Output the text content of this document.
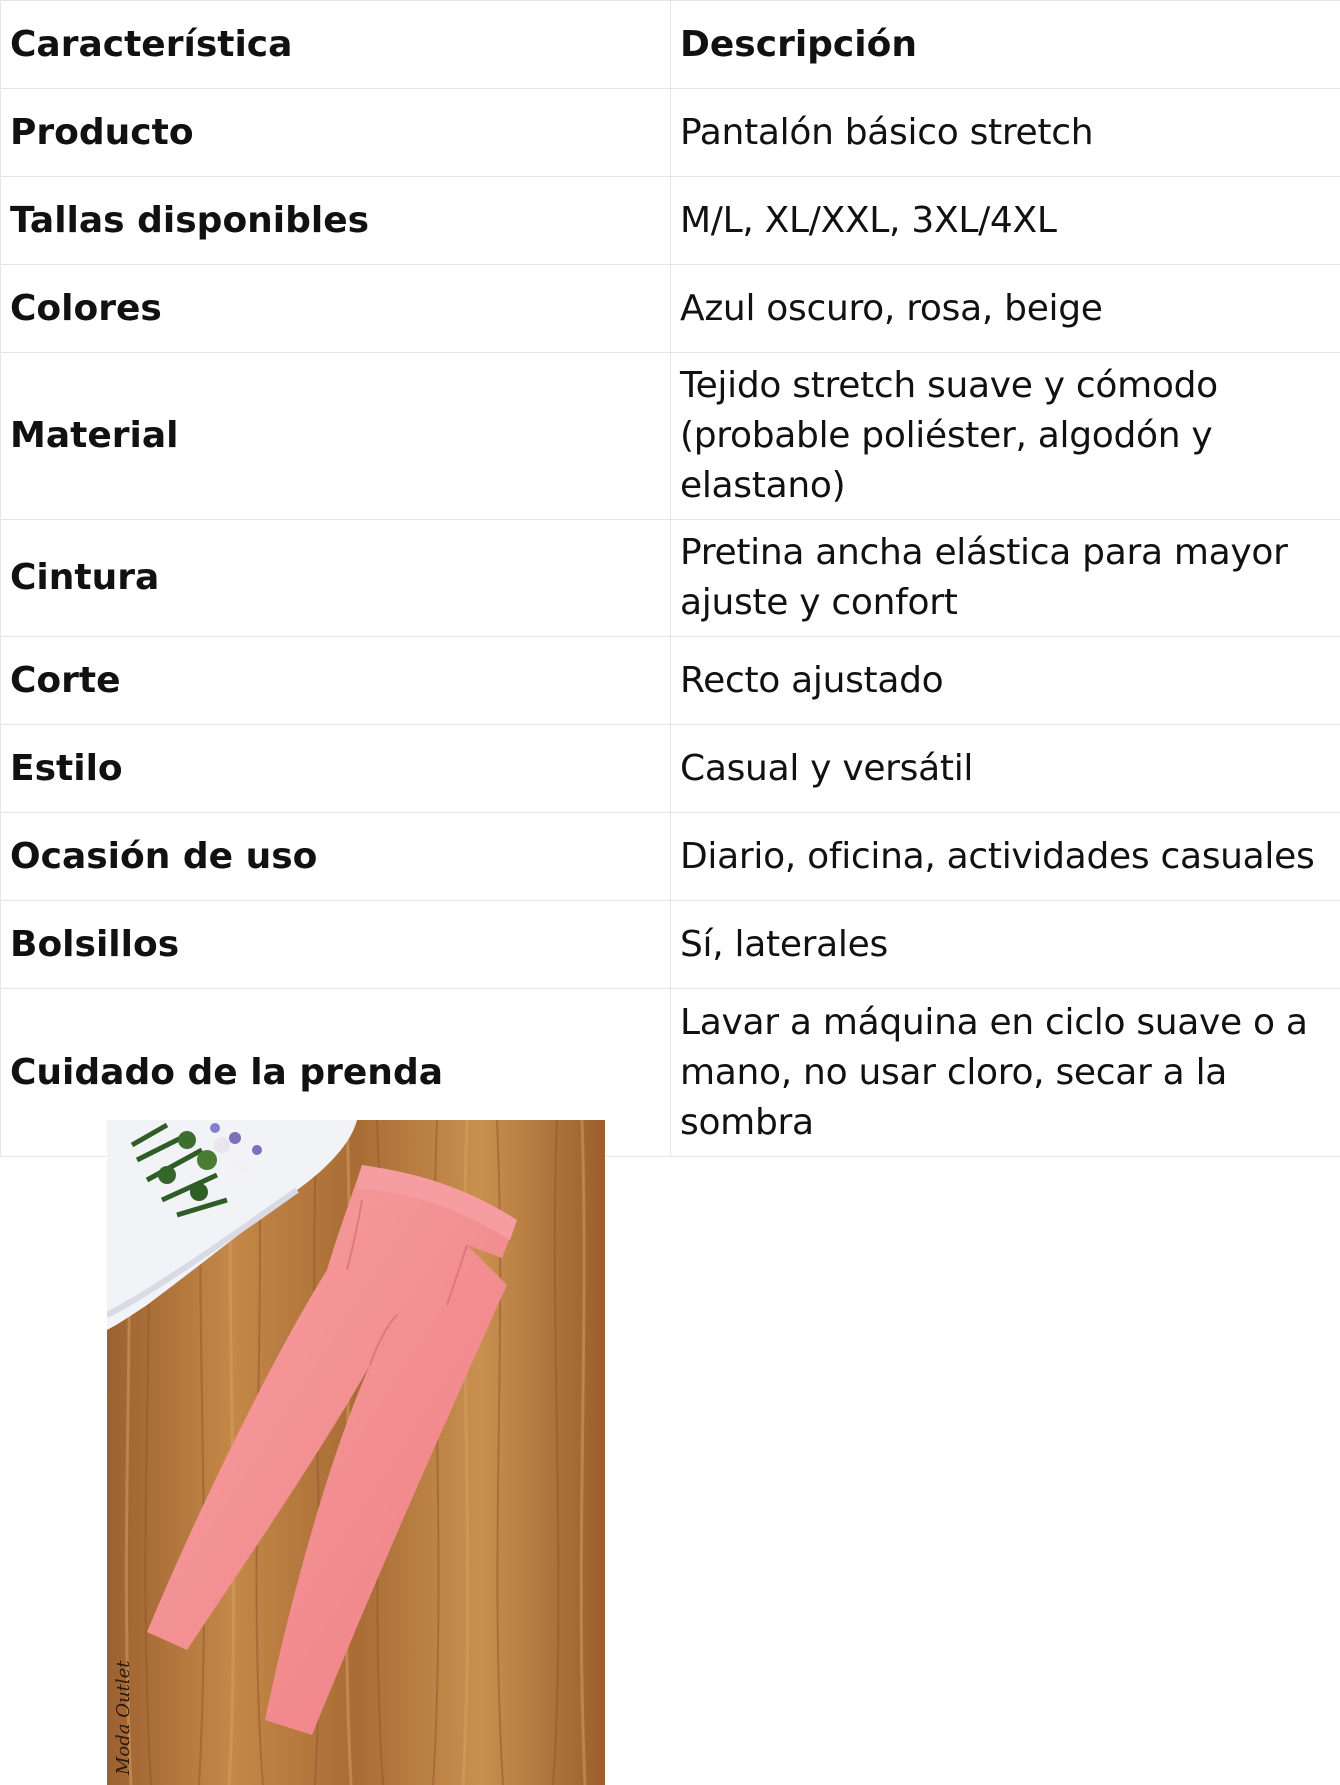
Característica	Descripción
Producto	Pantalón básico stretch
Tallas disponibles	M/L, XL/XXL, 3XL/4XL
Colores	Azul oscuro, rosa, beige
Material	Tejido stretch suave y cómodo (probable poliéster, algodón y elastano)
Cintura	Pretina ancha elástica para mayor ajuste y confort
Corte	Recto ajustado
Estilo	Casual y versátil
Ocasión de uso	Diario, oficina, actividades casuales
Bolsillos	Sí, laterales
Cuidado de la prenda	Lavar a máquina en ciclo suave o a mano, no usar cloro, secar a la sombra
Moda Outlet
